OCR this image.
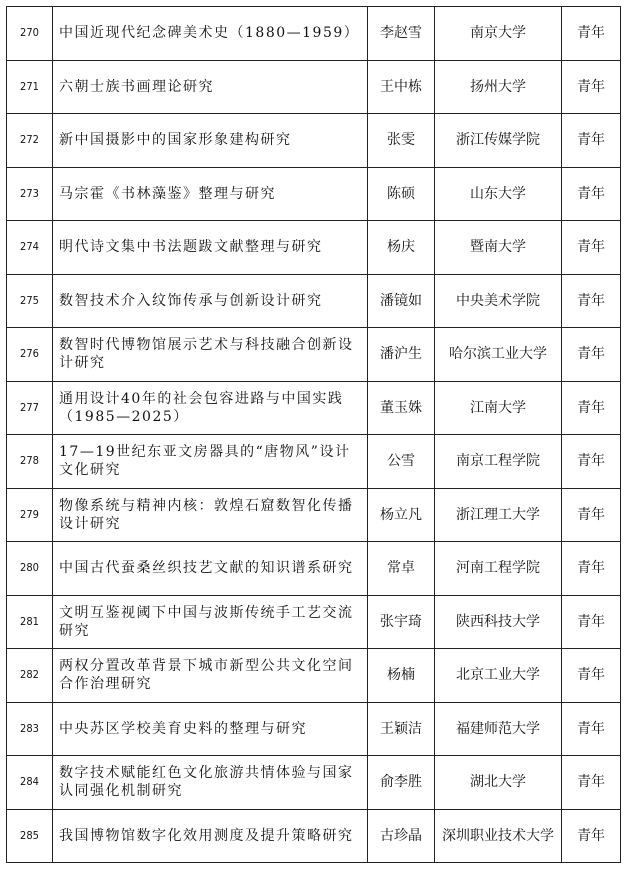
270	中国近现代纪念碑美术史（1880—1959）	李赵雪	南京大学	青年
271	六朝士族书画理论研究	王中栋	扬州大学	青年
272	新中国摄影中的国家形象建构研究	张雯	浙江传媒学院	青年
273	马宗霍《书林藻鉴》整理与研究	陈硕	山东大学	青年
274	明代诗文集中书法题跋文献整理与研究	杨庆	暨南大学	青年
275	数智技术介入纹饰传承与创新设计研究	潘镜如	中央美术学院	青年
276	数智时代博物馆展示艺术与科技融合创新设计研究	潘沪生	哈尔滨工业大学	青年
277	通用设计40年的社会包容进路与中国实践（1985—2025）	董玉姝	江南大学	青年
278	17—19世纪东亚文房器具的“唐物风”设计文化研究	公雪	南京工程学院	青年
279	物像系统与精神内核：敦煌石窟数智化传播设计研究	杨立凡	浙江理工大学	青年
280	中国古代蚕桑丝织技艺文献的知识谱系研究	常卓	河南工程学院	青年
281	文明互鉴视阈下中国与波斯传统手工艺交流研究	张宇琦	陕西科技大学	青年
282	两权分置改革背景下城市新型公共文化空间合作治理研究	杨楠	北京工业大学	青年
283	中央苏区学校美育史料的整理与研究	王颖洁	福建师范大学	青年
284	数字技术赋能红色文化旅游共情体验与国家认同强化机制研究	俞李胜	湖北大学	青年
285	我国博物馆数字化效用测度及提升策略研究	古珍晶	深圳职业技术大学	青年
